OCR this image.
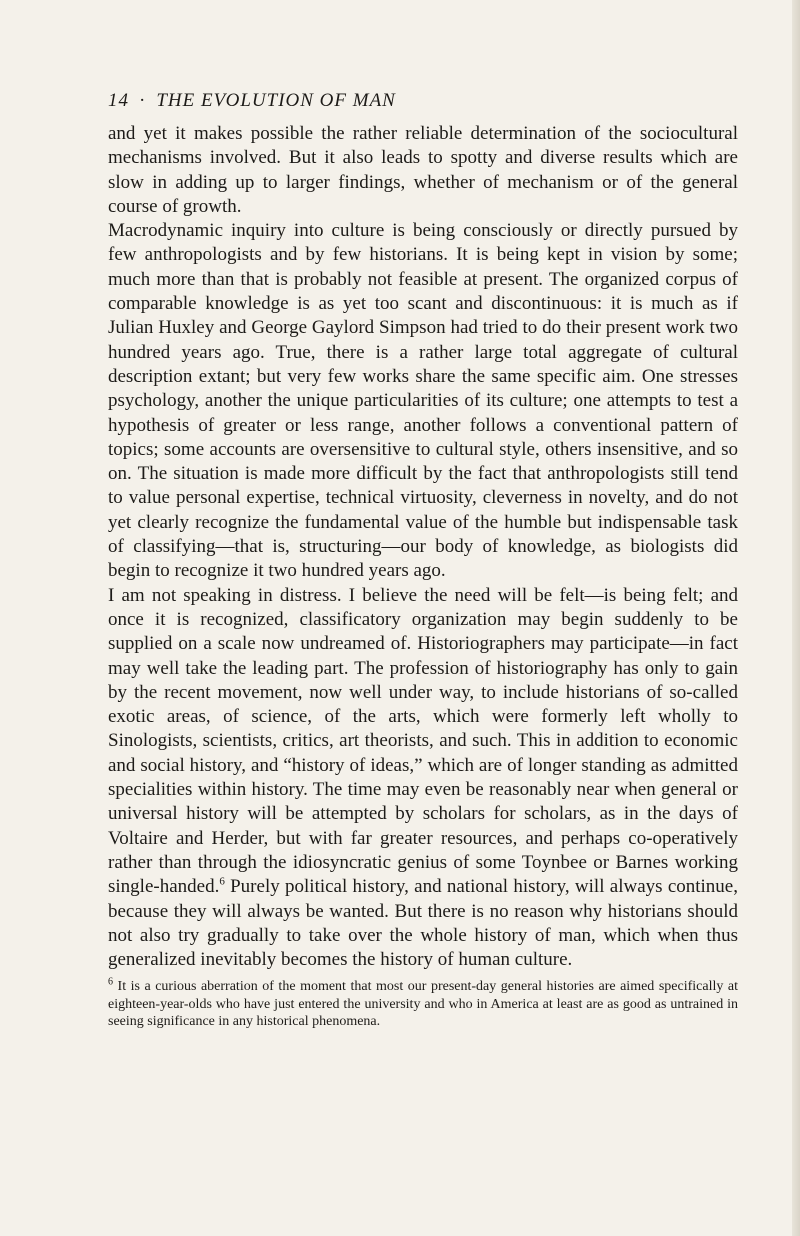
14 · THE EVOLUTION OF MAN

and yet it makes possible the rather reliable determination of the sociocultural mechanisms involved. But it also leads to spotty and diverse results which are slow in adding up to larger findings, whether of mechanism or of the general course of growth.

Macrodynamic inquiry into culture is being consciously or directly pursued by few anthropologists and by few historians. It is being kept in vision by some; much more than that is probably not feasible at present. The organized corpus of comparable knowledge is as yet too scant and discontinuous: it is much as if Julian Huxley and George Gaylord Simpson had tried to do their present work two hundred years ago. True, there is a rather large total aggregate of cultural description extant; but very few works share the same specific aim. One stresses psychology, another the unique particularities of its culture; one attempts to test a hypothesis of greater or less range, another follows a conventional pattern of topics; some accounts are oversensitive to cultural style, others insensitive, and so on. The situation is made more difficult by the fact that anthropologists still tend to value personal expertise, technical virtuosity, cleverness in novelty, and do not yet clearly recognize the fundamental value of the humble but indispensable task of classifying—that is, structuring—our body of knowledge, as biologists did begin to recognize it two hundred years ago.

I am not speaking in distress. I believe the need will be felt—is being felt; and once it is recognized, classificatory organization may begin suddenly to be supplied on a scale now undreamed of. Historiographers may participate—in fact may well take the leading part. The profession of historiography has only to gain by the recent movement, now well under way, to include historians of so-called exotic areas, of science, of the arts, which were formerly left wholly to Sinologists, scientists, critics, art theorists, and such. This in addition to economic and social history, and “history of ideas,” which are of longer standing as admitted specialities within history. The time may even be reasonably near when general or universal history will be attempted by scholars for scholars, as in the days of Voltaire and Herder, but with far greater resources, and perhaps co-operatively rather than through the idiosyncratic genius of some Toynbee or Barnes working single-handed.$^6$ Purely political history, and national history, will always continue, because they will always be wanted. But there is no reason why historians should not also try gradually to take over the whole history of man, which when thus generalized inevitably becomes the history of human culture.

$^6$ It is a curious aberration of the moment that most our present-day general histories are aimed specifically at eighteen-year-olds who have just entered the university and who in America at least are as good as untrained in seeing significance in any historical phenomena.
